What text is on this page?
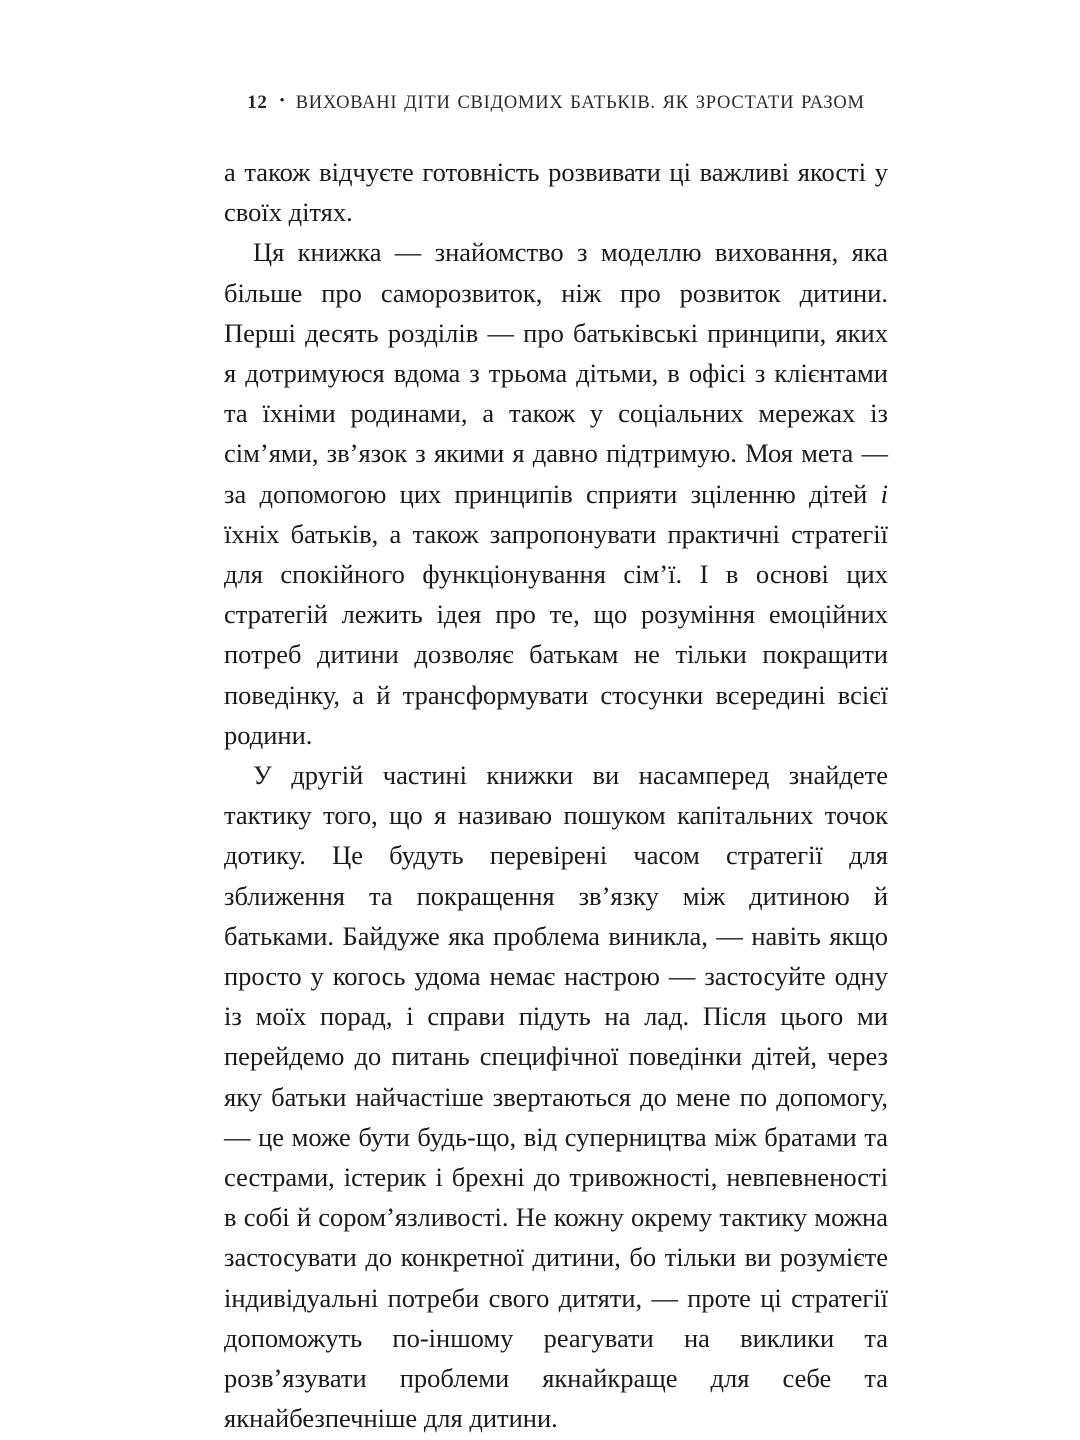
12 • ВИХОВАНІ ДІТИ СВІДОМИХ БАТЬКІВ. ЯК ЗРОСТАТИ РАЗОМ

а також відчуєте готовність розвивати ці важливі якості у своїх дітях.

Ця книжка — знайомство з моделлю виховання, яка більше про саморозвиток, ніж про розвиток дитини. Перші десять розділів — про батьківські принципи, яких я дотримуюся вдома з трьома дітьми, в офісі з клієнтами та їхніми родинами, а також у соціальних мережах із сім’ями, зв’язок з якими я давно підтримую. Моя мета — за допомогою цих принципів сприяти зціленню дітей і їхніх батьків, а також запропонувати практичні стратегії для спокійного функціонування сім’ї. І в основі цих стратегій лежить ідея про те, що розуміння емоційних потреб дитини дозволяє батькам не тільки покращити поведінку, а й трансформувати стосунки всередині всієї родини.

У другій частині книжки ви насамперед знайдете тактику того, що я називаю пошуком капітальних точок дотику. Це будуть перевірені часом стратегії для зближення та покращення зв’язку між дитиною й батьками. Байдуже яка проблема виникла, — навіть якщо просто у когось удома немає настрою — застосуйте одну із моїх порад, і справи підуть на лад. Після цього ми перейдемо до питань специфічної поведінки дітей, через яку батьки найчастіше звертаються до мене по допомогу, — це може бути будь-що, від суперництва між братами та сестрами, істерик і брехні до тривожності, невпевненості в собі й сором’язливості. Не кожну окрему тактику можна застосувати до конкретної дитини, бо тільки ви розумієте індивідуальні потреби свого дитяти, — проте ці стратегії допоможуть по-іншому реагувати на виклики та розв’язувати проблеми якнайкраще для себе та якнайбезпечніше для дитини.
